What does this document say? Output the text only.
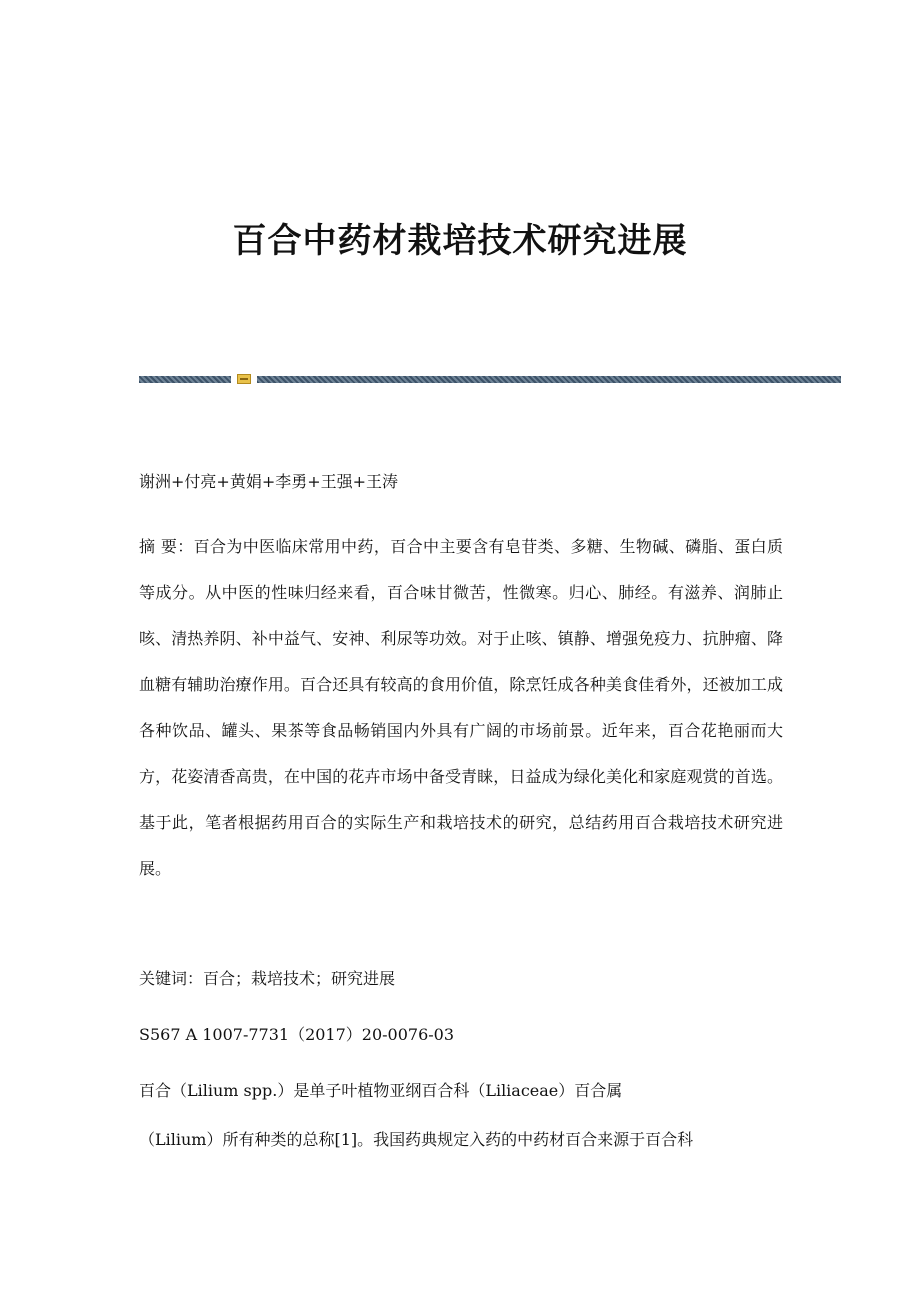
百合中药材栽培技术研究进展

谢洲+付亮+黄娟+李勇+王强+王涛

摘 要：百合为中医临床常用中药，百合中主要含有皂苷类、多糖、生物碱、磷脂、蛋白质等成分。从中医的性味归经来看，百合味甘微苦，性微寒。归心、肺经。有滋养、润肺止咳、清热养阴、补中益气、安神、利尿等功效。对于止咳、镇静、增强免疫力、抗肿瘤、降血糖有辅助治療作用。百合还具有较高的食用价值，除烹饪成各种美食佳肴外，还被加工成各种饮品、罐头、果茶等食品畅销国内外具有广阔的市场前景。近年来，百合花艳丽而大方，花姿清香高贵，在中国的花卉市场中备受青睐，日益成为绿化美化和家庭观赏的首选。基于此，笔者根据药用百合的实际生产和栽培技术的研究，总结药用百合栽培技术研究进展。

关键词：百合；栽培技术；研究进展

S567 A 1007-7731（2017）20-0076-03

百合（Lilium spp.）是单子叶植物亚纲百合科（Liliaceae）百合属

（Lilium）所有种类的总称[1]。我国药典规定入药的中药材百合来源于百合科
